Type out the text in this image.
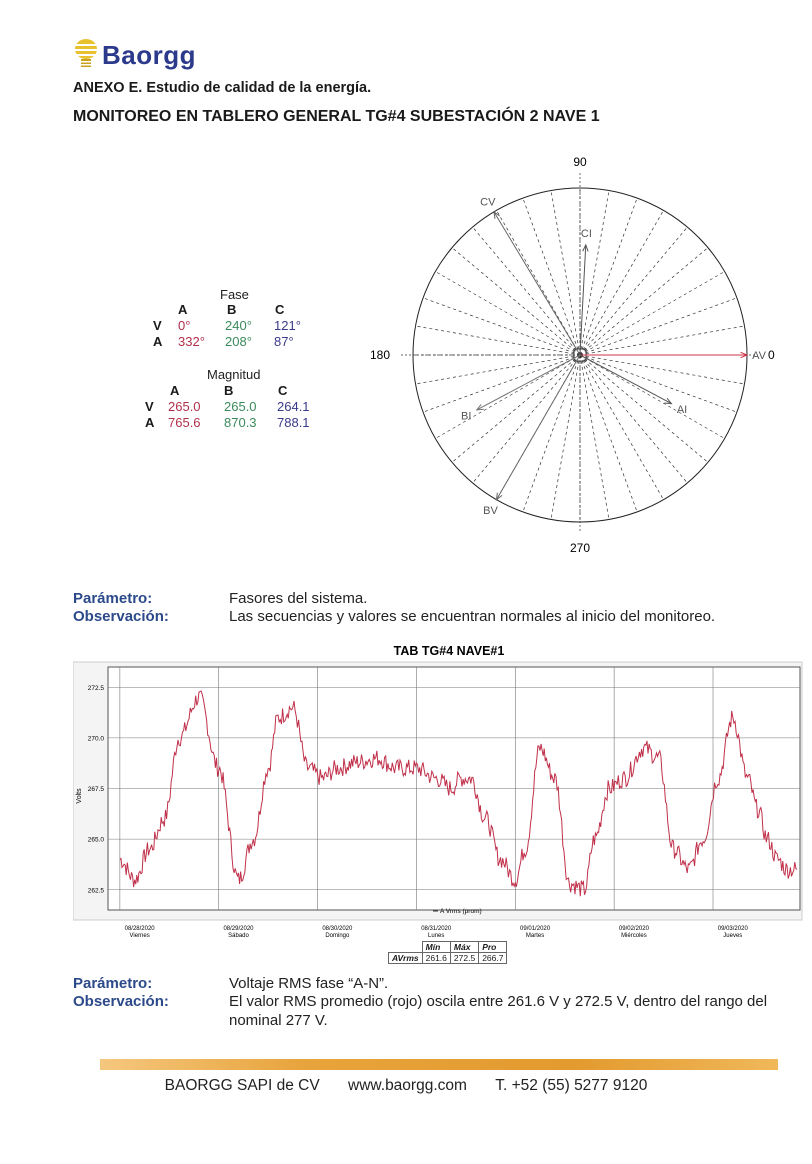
Baorgg
ANEXO E. Estudio de calidad de la energía.
MONITOREO EN TABLERO GENERAL TG#4 SUBESTACIÓN 2 NAVE 1
Fase
A	B	C
V 0°	240° 121°
A 332° 208° 87°
Magnitud
A	B	C
V 265.0 265.0 264.1
A 765.6 870.3 788.1
90
180
270
0
AV
BV
CV
AI
BI
CI
Parámetro:	Fasores del sistema.
Observación:	Las secuencias y valores se encuentran normales al inicio del monitoreo.
TAB TG#4 NAVE#1
Volts
262.5
265.0
267.5
270.0
272.5
08/28/2020
Viernes
08/29/2020
Sábado
08/30/2020
Domingo
08/31/2020
Lunes
09/01/2020
Martes
09/02/2020
Miércoles
09/03/2020
Jueves
A Vrms (prom)
	Mín	Máx	Pro
AVrms	261.6	272.5	266.7
Parámetro:	Voltaje RMS fase “A-N”.
Observación:	El valor RMS promedio (rojo) oscila entre 261.6 V y 272.5 V, dentro del rango del
nominal 277 V.
BAORGG SAPI de CV www.baorgg.com T. +52 (55) 5277 9120
